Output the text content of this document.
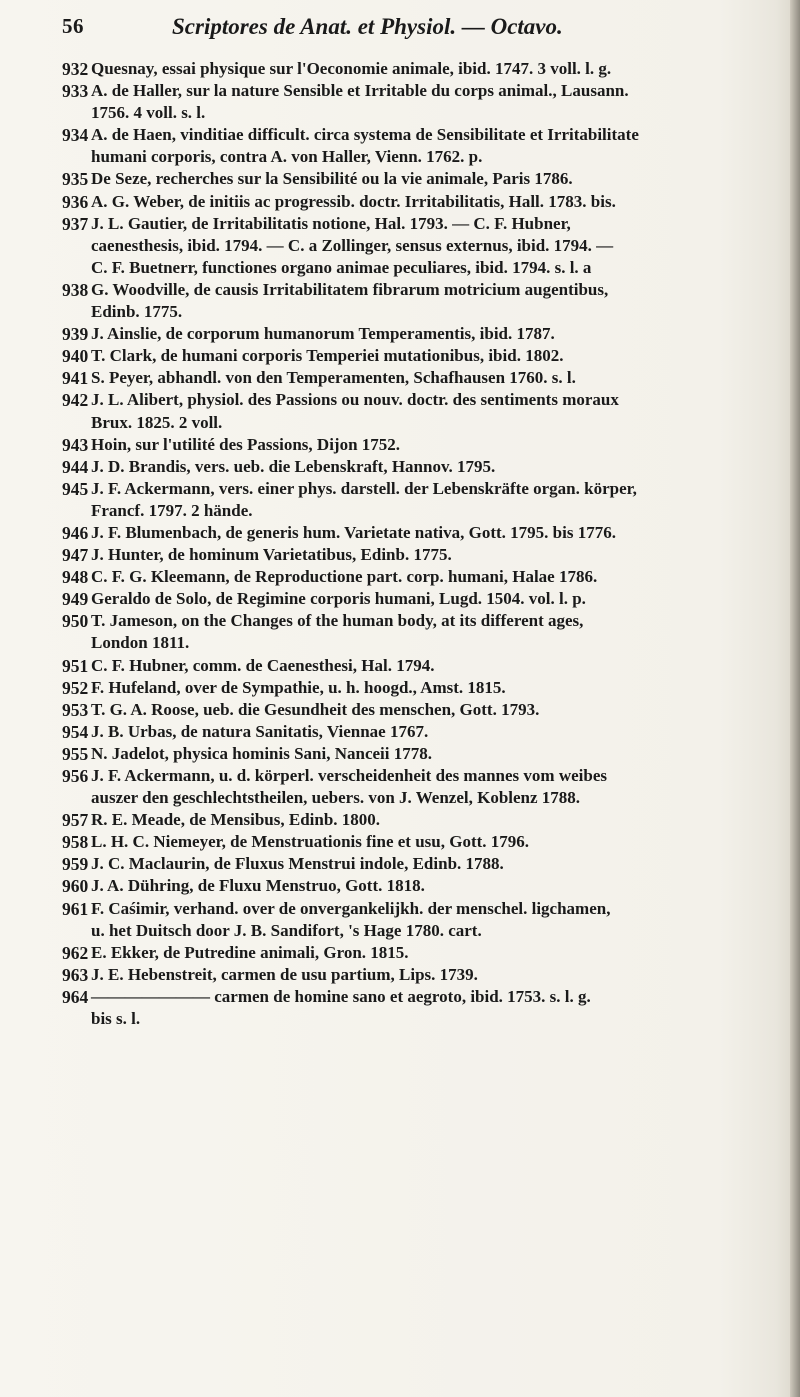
56	Scriptores de Anat. et Physiol. — Octavo.
932 Quesnay, essai physique sur l'Oeconomie animale, ibid. 1747. 3 voll. l. g.
933 A. de Haller, sur la nature Sensible et Irritable du corps animal., Lausann.
1756. 4 voll. s. l.
934 A. de Haen, vinditiae difficult. circa systema de Sensibilitate et Irritabilitate
humani corporis, contra A. von Haller, Vienn. 1762. p.
935 De Seze, recherches sur la Sensibilité ou la vie animale, Paris 1786.
936 A. G. Weber, de initiis ac progressib. doctr. Irritabilitatis, Hall. 1783. bis.
937 J. L. Gautier, de Irritabilitatis notione, Hal. 1793. — C. F. Hubner,
caenesthesis, ibid. 1794. — C. a Zollinger, sensus externus, ibid. 1794. —
C. F. Buetnerr, functiones organo animae peculiares, ibid. 1794. s. l. a
938 G. Woodville, de causis Irritabilitatem fibrarum motricium augentibus,
Edinb. 1775.
939 J. Ainslie, de corporum humanorum Temperamentis, ibid. 1787.
940 T. Clark, de humani corporis Temperiei mutationibus, ibid. 1802.
941 S. Peyer, abhandl. von den Temperamenten, Schafhausen 1760. s. l.
942 J. L. Alibert, physiol. des Passions ou nouv. doctr. des sentiments moraux
Brux. 1825. 2 voll.
943 Hoin, sur l'utilité des Passions, Dijon 1752.
944 J. D. Brandis, vers. ueb. die Lebenskraft, Hannov. 1795.
945 J. F. Ackermann, vers. einer phys. darstell. der Lebenskräfte organ. körper,
Francf. 1797. 2 hände.
946 J. F. Blumenbach, de generis hum. Varietate nativa, Gott. 1795. bis 1776.
947 J. Hunter, de hominum Varietatibus, Edinb. 1775.
948 C. F. G. Kleemann, de Reproductione part. corp. humani, Halae 1786.
949 Geraldo de Solo, de Regimine corporis humani, Lugd. 1504. vol. l. p.
950 T. Jameson, on the Changes of the human body, at its different ages,
London 1811.
951 C. F. Hubner, comm. de Caenesthesi, Hal. 1794.
952 F. Hufeland, over de Sympathie, u. h. hoogd., Amst. 1815.
953 T. G. A. Roose, ueb. die Gesundheit des menschen, Gott. 1793.
954 J. B. Urbas, de natura Sanitatis, Viennae 1767.
955 N. Jadelot, physica hominis Sani, Nanceii 1778.
956 J. F. Ackermann, u. d. körperl. verscheidenheit des mannes vom weibes
auszer den geschlechtstheilen, uebers. von J. Wenzel, Koblenz 1788.
957 R. E. Meade, de Mensibus, Edinb. 1800.
958 L. H. C. Niemeyer, de Menstruationis fine et usu, Gott. 1796.
959 J. C. Maclaurin, de Fluxus Menstrui indole, Edinb. 1788.
960 J. A. Dühring, de Fluxu Menstruo, Gott. 1818.
961 F. Caśimir, verhand. over de onvergankelijkh. der menschel. ligchamen,
u. het Duitsch door J. B. Sandifort, 's Hage 1780. cart.
962 E. Ekker, de Putredine animali, Gron. 1815.
963 J. E. Hebenstreit, carmen de usu partium, Lips. 1739.
964 ——————— carmen de homine sano et aegroto, ibid. 1753. s. l. g.
bis s. l.
